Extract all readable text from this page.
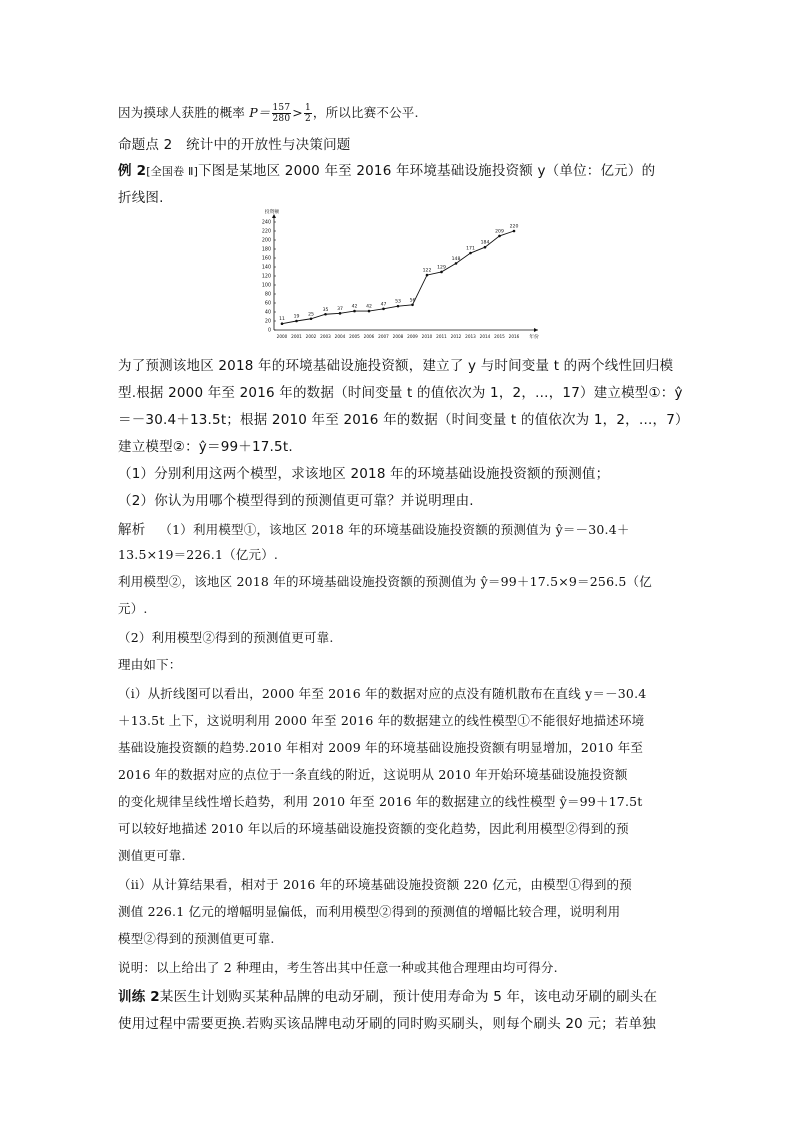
因为摸球人获胜的概率 $P= \frac{157}{280} > \frac{1}{2}$ ，所以比赛不公平.
命题点 2　统计中的开放性与决策问题
例 2[全国卷 Ⅱ]下图是某地区 2000 年至 2016 年环境基础设施投资额 y（单位：亿元）的
折线图.
投资额
年份
0
20
40
60
80
100
120
140
160
180
200
220
240
2000 2001 2002 2003 2004 2005 2006 2007 2008 2009 2010 2011 2012 2013 2014 2015 2016
11
19 25
35 37 42 42 47
53 56
122
129
148
171
184
209
220
为了预测该地区 2018 年的环境基础设施投资额，建立了 y 与时间变量 t 的两个线性回归模
型.根据 2000 年至 2016 年的数据（时间变量 t 的值依次为 1，2，…，17）建立模型①：ŷ
＝－30.4＋13.5t；根据 2010 年至 2016 年的数据（时间变量 t 的值依次为 1，2，…，7）
建立模型②：ŷ＝99＋17.5t.
（1）分别利用这两个模型，求该地区 2018 年的环境基础设施投资额的预测值；
（2）你认为用哪个模型得到的预测值更可靠？并说明理由.
解析 （1）利用模型①，该地区 2018 年的环境基础设施投资额的预测值为 ŷ＝－30.4＋
13.5×19＝226.1（亿元）.
利用模型②，该地区 2018 年的环境基础设施投资额的预测值为 ŷ＝99＋17.5×9＝256.5（亿
元）.
（2）利用模型②得到的预测值更可靠.
理由如下：
（i）从折线图可以看出，2000 年至 2016 年的数据对应的点没有随机散布在直线 y＝－30.4
＋13.5t 上下，这说明利用 2000 年至 2016 年的数据建立的线性模型①不能很好地描述环境
基础设施投资额的趋势.2010 年相对 2009 年的环境基础设施投资额有明显增加，2010 年至
2016 年的数据对应的点位于一条直线的附近，这说明从 2010 年开始环境基础设施投资额
的变化规律呈线性增长趋势，利用 2010 年至 2016 年的数据建立的线性模型 ŷ＝99＋17.5t
可以较好地描述 2010 年以后的环境基础设施投资额的变化趋势，因此利用模型②得到的预
测值更可靠.
（ii）从计算结果看，相对于 2016 年的环境基础设施投资额 220 亿元，由模型①得到的预
测值 226.1 亿元的增幅明显偏低，而利用模型②得到的预测值的增幅比较合理，说明利用
模型②得到的预测值更可靠.
说明：以上给出了 2 种理由，考生答出其中任意一种或其他合理理由均可得分.
训练 2某医生计划购买某种品牌的电动牙刷，预计使用寿命为 5 年，该电动牙刷的刷头在
使用过程中需要更换.若购买该品牌电动牙刷的同时购买刷头，则每个刷头 20 元；若单独
